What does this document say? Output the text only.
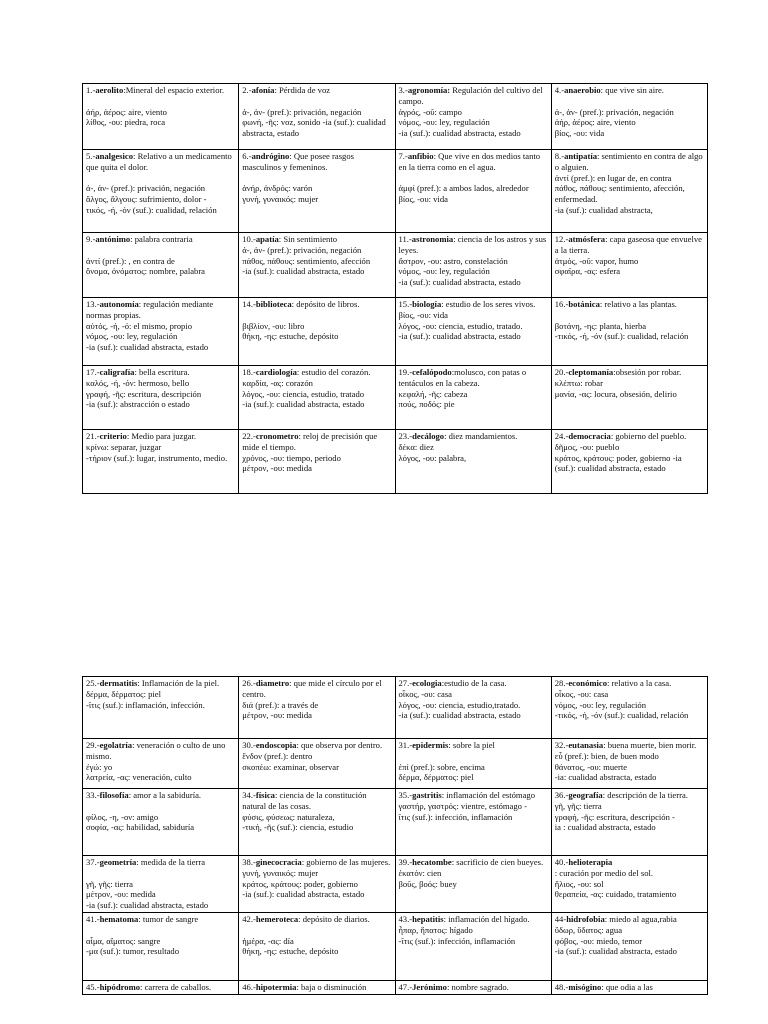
1.-aerolito:Mineral del espacio exterior.

ἀήρ, ἀέρος: aire, viento
λίθος, -ου: piedra, roca	2.-afonía: Pérdida de voz

ἀ-, ἀν- (pref.): privación, negación
φωνή, -ῆς: voz, sonido -ia (suf.): cualidad abstracta, estado	3.-agronomía: Regulación del cultivo del campo.
ἀγρός, -οῦ: campo
νόμος, -ου: ley, regulación
-ia (suf.): cualidad abstracta, estado	4.-anaerobio: que vive sin aire.

ἀ-, ἀν- (pref.): privación, negación
ἀήρ, ἀέρος: aire, viento
βίος, -ου: vida

5.-analgesico: Relativo a un medicamento que quita el dolor.

ἀ-, ἀν- (pref.): privación, negación
ἄλγος, ἄλγους: sufrimiento, dolor -
τικός, -ή, -όν (suf.): cualidad, relación	6.-andrógino: Que posee rasgos masculinos y femeninos.

ἀνήρ, ἀνδρός: varón
γυνή, γυναικός: mujer	7.-anfibio: Que vive en dos medios tanto en la tierra como en el agua.

ἀμφί (pref.): a ambos lados, alrededor
βίος, -ου: vida	8.-antipatía: sentimiento en contra de algo o alguien.
ἀντί (pref.): en lugar de, en contra
πάθος, πάθους: sentimiento, afección, enfermedad.
-ia (suf.): cualidad abstracta,

9.-antónimo: palabra contraria

ἀντί (pref.): , en contra de
ὄνομα, ὀνόματος: nombre, palabra	10.-apatía: Sin sentimiento
ἀ-, ἀν- (pref.): privación, negación
πάθος, πάθους: sentimiento, afección
-ia (suf.): cualidad abstracta, estado	11.-astronomia: ciencia de los astros y sus leyes.
ἄστρον, -ου: astro, constelación
νόμος, -ου: ley, regulación
-ia (suf.): cualidad abstracta, estado	12.-atmósfera: capa gaseosa que envuelve a la tierra.
ἀτμός, -οῦ: vapor, humo
σφαῖρα, -ας: esfera

13.-autonomía: regulación mediante normas propias.
αὐτός, -ή, -ό: el mismo, propio
νόμος, -ου: ley, regulación
-ia (suf.): cualidad abstracta, estado	14.-biblioteca: depósito de libros.

βιβλίον, -ου: libro
θήκη, -ης: estuche, depósito	15.-biología: estudio de los seres vivos.
βίος, -ου: vida
λόγος, -ου: ciencia, estudio, tratado.
-ia (suf.): cualidad abstracta, estado	16.-botánica: relativo a las plantas.

βοτάνη, -ης: planta, hierba
-τικός, -ή, -όν (suf.): cualidad, relación

17.-caligrafía: bella escritura.
καλός, -ή, -όν: hermoso, bello
γραφή, -ῆς: escritura, descripción
-ia (suf.): abstracción o estado	18.-cardiología: estudio del corazón.
καρδία, -ας: corazón
λόγος, -ου: ciencia, estudio, tratado
-ia (suf.): cualidad abstracta, estado	19.-cefalópodo:molusco, con patas o tentáculos en la cabeza.
κεφαλή, -ῆς: cabeza
πούς, ποδός: pie	20.-cleptomanía:obsesión por robar.
κλέπτω: robar
μανία, -ας: locura, obsesión, delirio

21.-criterio: Medio para juzgar.
κρίνω: separar, juzgar
-τήριον (suf.): lugar, instrumento, medio.	22.-cronometro: reloj de precisión que mide el tiempo.
χρόνος, -ου: tiempo, periodo
μέτρον, -ου: medida	23.-decálogo: diez mandamientos.
δέκα: diez
λόγος, -ου: palabra,	24.-democracia: gobierno del pueblo.
δῆμος, -ου: pueblo
κράτος, κράτους: poder, gobierno -ia (suf.): cualidad abstracta, estado
25.-dermatitis: Inflamación de la piel.
δέρμα, δέρματος: piel
-ῖτις (suf.): inflamación, infección.	26.-diametro: que mide el círculo por el centro.
διά (pref.): a través de
μέτρον, -ου: medida	27.-ecologia:estudio de la casa.
οἶκος, -ου: casa
λόγος, -ου: ciencia, estudio,tratado.
-ia (suf.): cualidad abstracta, estado	28.-económico: relativo a la casa.
οἶκος, -ου: casa
νόμος, -ου: ley, regulación
-τικός, -ή, -όν (suf.): cualidad, relación

29.-egolatría: veneración o culto de uno mismo.
ἐγώ: yo
λατρεία, -ας: veneración, culto	30.-endoscopia: que observa por dentro.
ἔνδον (pref.): dentro
σκοπέω: examinar, observar	31.-epidermis: sobre la piel

ἐπί (pref.): sobre, encima
δέρμα, δέρματος: piel	32.-eutanasia: buena muerte, bien morir.
εὖ (pref.): bien, de buen modo
θάνατος, -ου: muerte
-ia: cualidad abstracta, estado

33.-filosofía: amor a la sabiduría.

φίλος, -η, -ον: amigo
σοφία, -ας: habilidad, sabiduría	34.-física: ciencia de la constitución natural de las cosas.
φύσις, φύσεως: naturaleza,
-τική, -ῆς (suf.): ciencia, estudio	35.-gastritis: inflamación del estómago
γαστήρ, γαστρός: vientre, estómago -
ῖτις (suf.): infección, inflamación	36.-geografía: descripción de la tierra.
γῆ, γῆς: tierra
γραφή, -ῆς: escritura, descripción -
ia : cualidad abstracta, estado

37.-geometría: medida de la tierra

γῆ, γῆς: tierra
μέτρον, -ου: medida
-ia (suf.): cualidad abstracta, estado	38.-ginecocracia: gobierno de las mujeres.
γυνή, γυναικός: mujer
κράτος, κράτους: poder, gobierno
-ia (suf.): cualidad abstracta, estado	39.-hecatombe: sacrificio de cien bueyes.
ἑκατόν: cien
βοῦς, βοός: buey	40.-helioterapia
: curación por medio del sol.
ἥλιος, -ου: sol
θεραπεία, -ας: cuidado, tratamiento

41.-hematoma: tumor de sangre

αἷμα, αἵματος: sangre
-μα (suf.): tumor, resultado	42.-hemeroteca: depósito de diarios.

ἡμέρα, -ας: día
θήκη, -ης: estuche, depósito	43.-hepatitis: inflamación del hígado.
ἧπαρ, ἥπατος: hígado
-ῖτις (suf.): infección, inflamación	44-hidrofobia: miedo al agua,rabia
ὕδωρ, ὕδατος: agua
φόβος, -ου: miedo, temor
-ia (suf.): cualidad abstracta, estado

45.-hipódromo: carrera de caballos.	46.-hipotermia: baja o disminución	47.-Jerónimo: nombre sagrado.	48.-misógino: que odia a las
